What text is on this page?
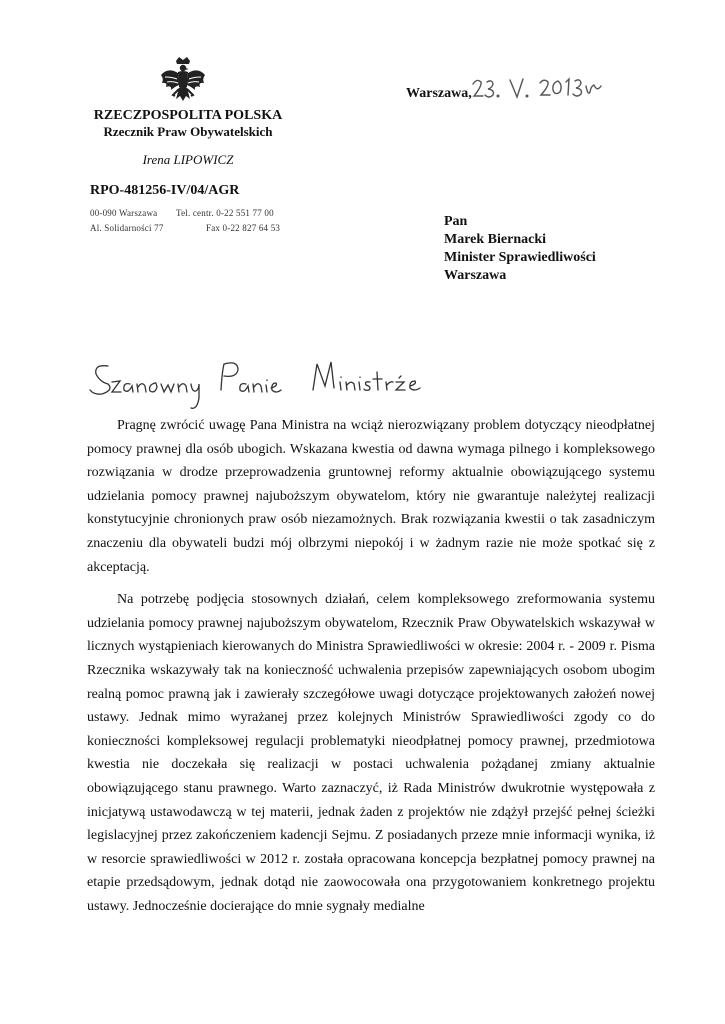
RZECZPOSPOLITA POLSKA
Rzecznik Praw Obywatelskich
Irena LIPOWICZ
RPO-481256-IV/04/AGR
00-090 Warszawa Tel. centr. 0-22 551 77 00
Al. Solidarności 77	Fax 0-22 827 64 53
Warszawa,
Pan
Marek Biernacki
Minister Sprawiedliwości
Warszawa

Pragnę zwrócić uwagę Pana Ministra na wciąż nierozwiązany problem dotyczący nieodpłatnej pomocy prawnej dla osób ubogich. Wskazana kwestia od dawna wymaga pilnego i kompleksowego rozwiązania w drodze przeprowadzenia gruntownej reformy aktualnie obowiązującego systemu udzielania pomocy prawnej najuboższym obywatelom, który nie gwarantuje należytej realizacji konstytucyjnie chronionych praw osób niezamożnych. Brak rozwiązania kwestii o tak zasadniczym znaczeniu dla obywateli budzi mój olbrzymi niepokój i w żadnym razie nie może spotkać się z akceptacją.

Na potrzebę podjęcia stosownych działań, celem kompleksowego zreformowania systemu udzielania pomocy prawnej najuboższym obywatelom, Rzecznik Praw Obywatelskich wskazywał w licznych wystąpieniach kierowanych do Ministra Sprawiedliwości w okresie: 2004 r. - 2009 r. Pisma Rzecznika wskazywały tak na konieczność uchwalenia przepisów zapewniających osobom ubogim realną pomoc prawną jak i zawierały szczegółowe uwagi dotyczące projektowanych założeń nowej ustawy. Jednak mimo wyrażanej przez kolejnych Ministrów Sprawiedliwości zgody co do konieczności kompleksowej regulacji problematyki nieodpłatnej pomocy prawnej, przedmiotowa kwestia nie doczekała się realizacji w postaci uchwalenia pożądanej zmiany aktualnie obowiązującego stanu prawnego. Warto zaznaczyć, iż Rada Ministrów dwukrotnie występowała z inicjatywą ustawodawczą w tej materii, jednak żaden z projektów nie zdążył przejść pełnej ścieżki legislacyjnej przez zakończeniem kadencji Sejmu. Z posiadanych przeze mnie informacji wynika, iż w resorcie sprawiedliwości w 2012 r. została opracowana koncepcja bezpłatnej pomocy prawnej na etapie przedsądowym, jednak dotąd nie zaowocowała ona przygotowaniem konkretnego projektu ustawy. Jednocześnie docierające do mnie sygnały medialne
